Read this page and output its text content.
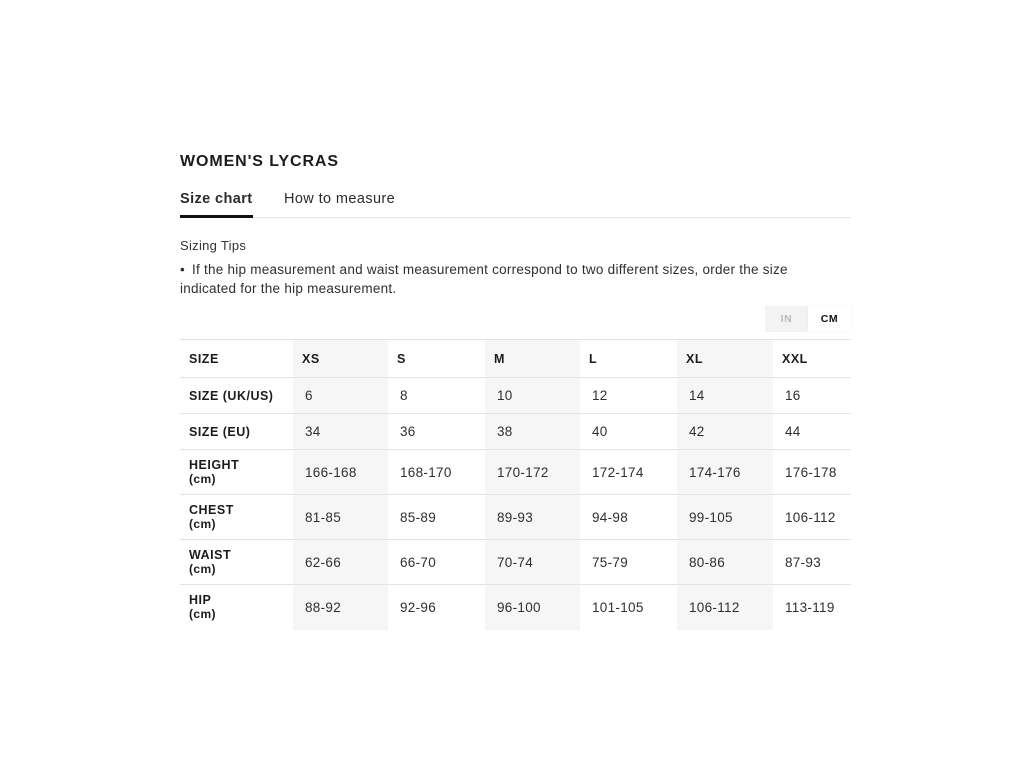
WOMEN'S LYCRAS
Size chart How to measure
Sizing Tips

• If the hip measurement and waist measurement correspond to two different sizes, order the size indicated for the hip measurement.

IN	CM
SIZE	XS	S	M	L	XL	XXL
SIZE (UK/US)	6	8	10	12	14	16
SIZE (EU)	34	36	38	40	42	44
HEIGHT
(cm)	166-168	168-170	170-172	172-174	174-176	176-178
CHEST
(cm)	81-85	85-89	89-93	94-98	99-105	106-112
WAIST
(cm)	62-66	66-70	70-74	75-79	80-86	87-93
HIP
(cm)	88-92	92-96	96-100	101-105	106-112	113-119
